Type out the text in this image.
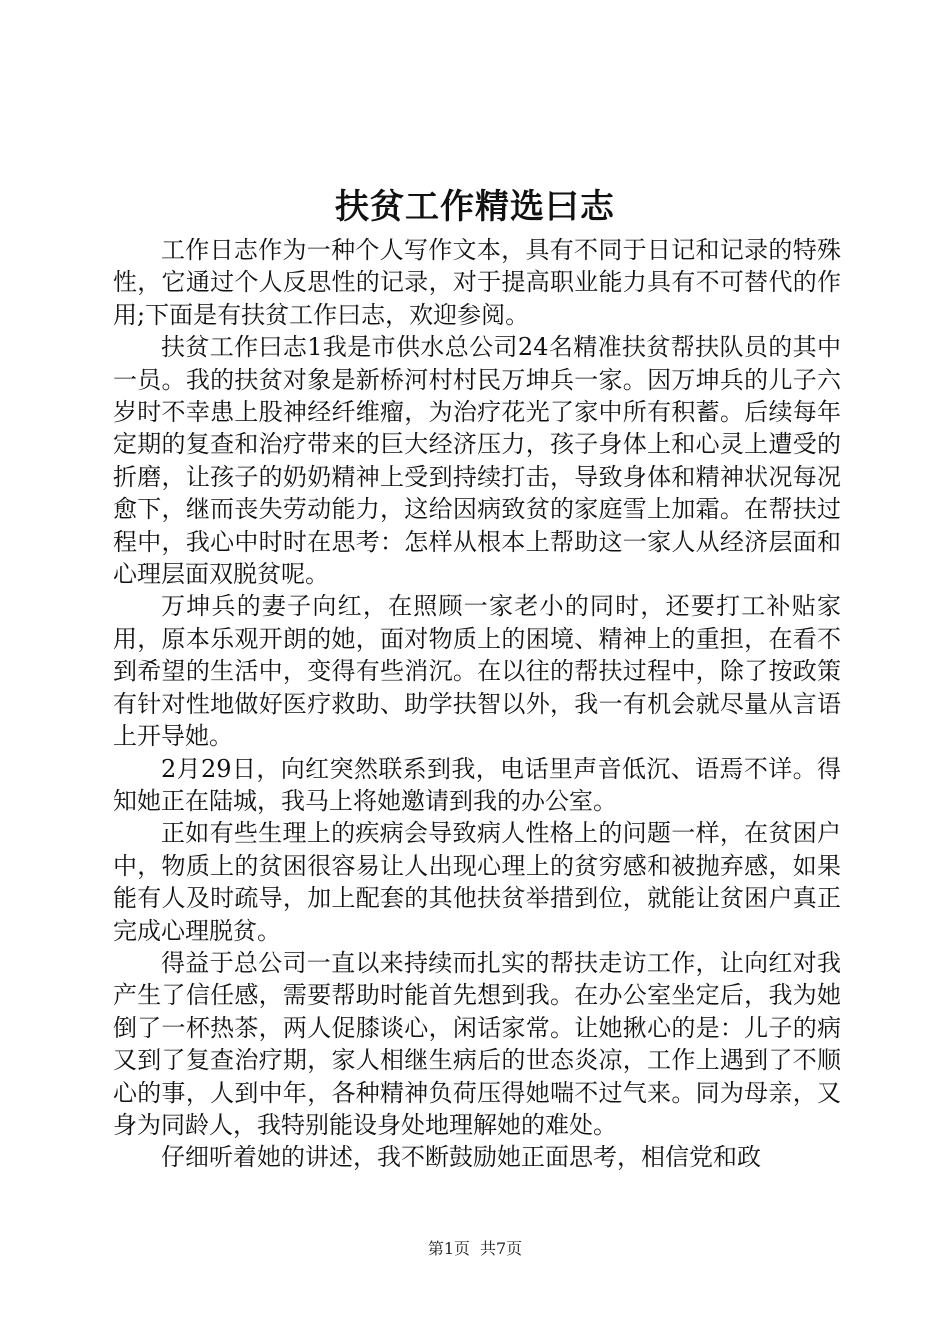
扶贫工作精选曰志

工作日志作为一种个人写作文本，具有不同于日记和记录的特殊性，它通过个人反思性的记录，对于提高职业能力具有不可替代的作用;下面是有扶贫工作曰志，欢迎参阅。

扶贫工作曰志1我是市供水总公司24名精准扶贫帮扶队员的其中一员。我的扶贫对象是新桥河村村民万坤兵一家。因万坤兵的儿子六岁时不幸患上股神经纤维瘤，为治疗花光了家中所有积蓄。后续每年定期的复查和治疗带来的巨大经济压力，孩子身体上和心灵上遭受的折磨，让孩子的奶奶精神上受到持续打击，导致身体和精神状况每况愈下，继而丧失劳动能力，这给因病致贫的家庭雪上加霜。在帮扶过程中，我心中时时在思考：怎样从根本上帮助这一家人从经济层面和心理层面双脱贫呢。

万坤兵的妻子向红，在照顾一家老小的同时，还要打工补贴家用，原本乐观开朗的她，面对物质上的困境、精神上的重担，在看不到希望的生活中，变得有些消沉。在以往的帮扶过程中，除了按政策有针对性地做好医疗救助、助学扶智以外，我一有机会就尽量从言语上开导她。

2月29日，向红突然联系到我，电话里声音低沉、语焉不详。得知她正在陆城，我马上将她邀请到我的办公室。

正如有些生理上的疾病会导致病人性格上的问题一样，在贫困户中，物质上的贫困很容易让人出现心理上的贫穷感和被抛弃感，如果能有人及时疏导，加上配套的其他扶贫举措到位，就能让贫困户真正完成心理脱贫。

得益于总公司一直以来持续而扎实的帮扶走访工作，让向红对我产生了信任感，需要帮助时能首先想到我。在办公室坐定后，我为她倒了一杯热茶，两人促膝谈心，闲话家常。让她揪心的是：儿子的病又到了复查治疗期，家人相继生病后的世态炎凉，工作上遇到了不顺心的事，人到中年，各种精神负荷压得她喘不过气来。同为母亲，又身为同龄人，我特别能设身处地理解她的难处。

仔细听着她的讲述，我不断鼓励她正面思考，相信党和政

第1页 共7页
